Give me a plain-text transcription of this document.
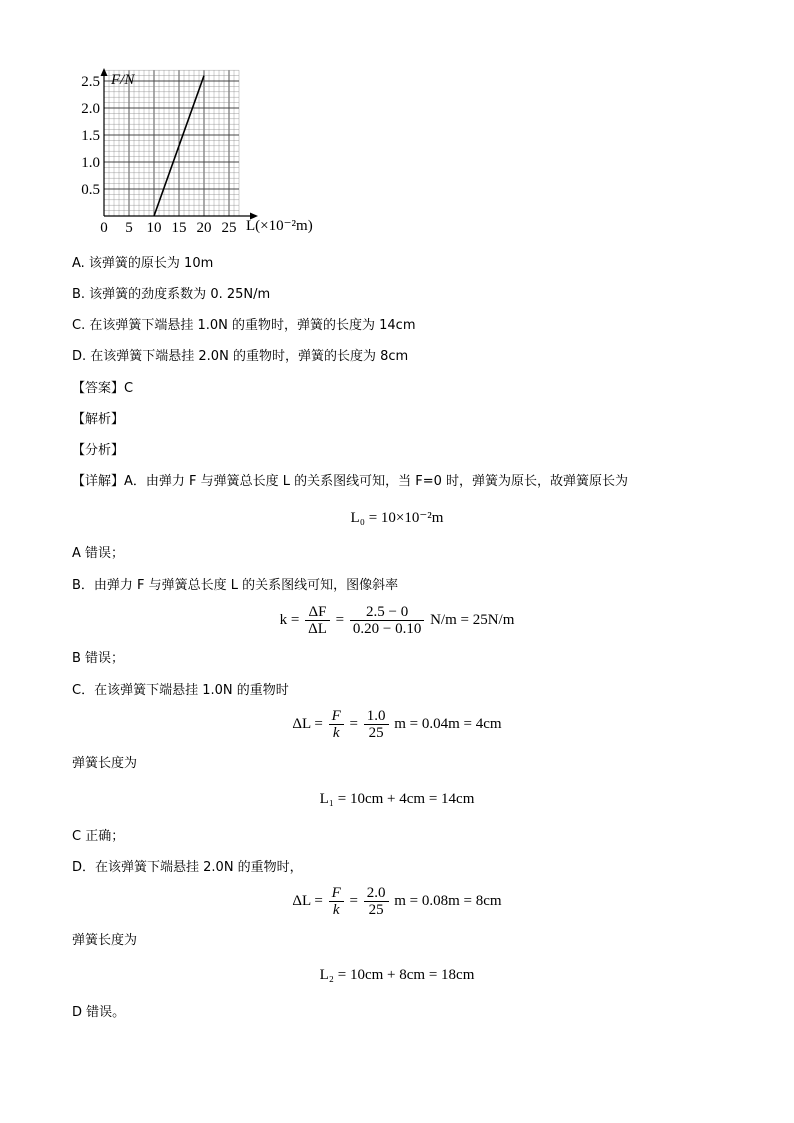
0 5 10 15 20 25
0.5
1.0
1.5
2.0
2.5 F/N
L(×10⁻²m)
A. 该弹簧的原长为 10m
B. 该弹簧的劲度系数为 0. 25N/m
C. 在该弹簧下端悬挂 1.0N 的重物时，弹簧的长度为 14cm
D. 在该弹簧下端悬挂 2.0N 的重物时，弹簧的长度为 8cm
【答案】C
【解析】
【分析】
【详解】A．由弹力 F 与弹簧总长度 L 的关系图线可知，当 F=0 时，弹簧为原长，故弹簧原长为
L₀ = 10×10⁻²m
A 错误；
B．由弹力 F 与弹簧总长度 L 的关系图线可知，图像斜率
$k = \frac{\Delta F}{\Delta L} = \frac{2.5 - 0}{0.20 - 0.10} N/m = 25N/m$
B 错误；
C．在该弹簧下端悬挂 1.0N 的重物时
$\Delta L = \frac{F}{k} = \frac{1.0}{25}$ m = 0.04m = 4cm
弹簧长度为
L₁ = 10cm + 4cm = 14cm
C 正确；
D．在该弹簧下端悬挂 2.0N 的重物时，
$\Delta L = \frac{F}{k} = \frac{2.0}{25}$ m = 0.08m = 8cm
弹簧长度为
L₂ = 10cm + 8cm = 18cm
D 错误。
